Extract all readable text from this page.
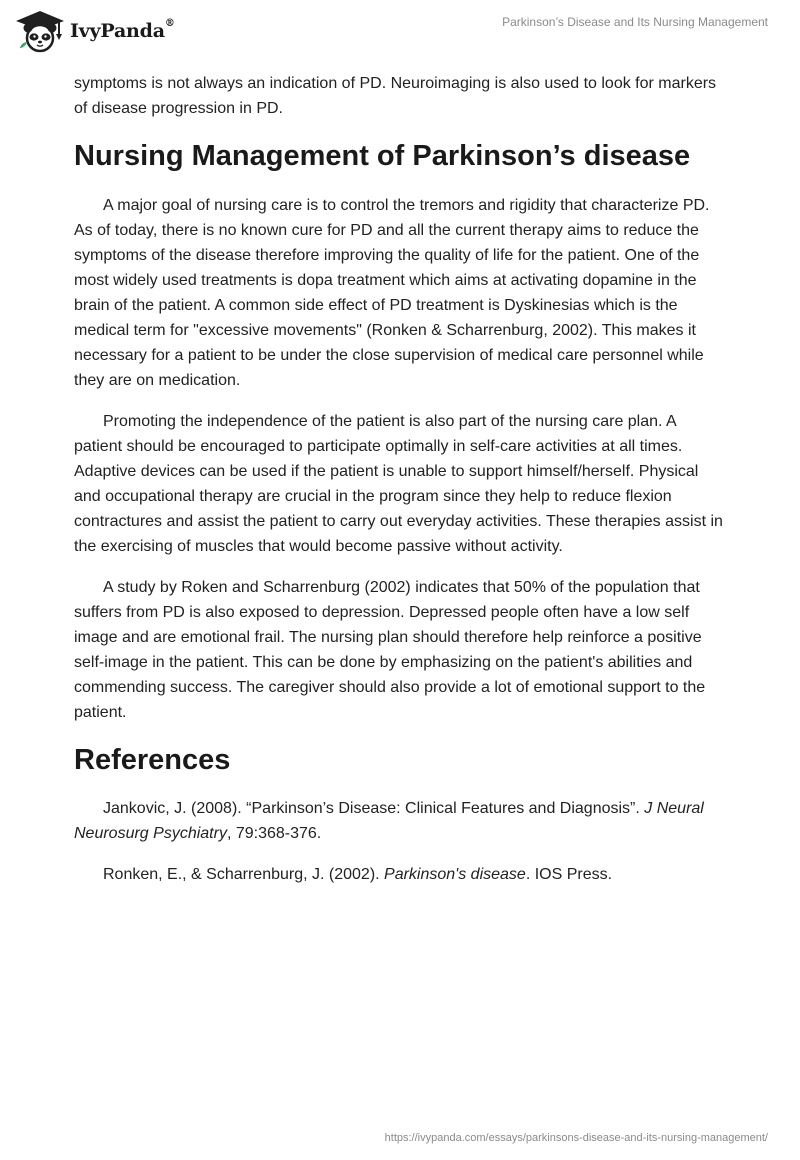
IvyPanda®	Parkinson’s Disease and Its Nursing Management

symptoms is not always an indication of PD. Neuroimaging is also used to look for markers of disease progression in PD.

Nursing Management of Parkinson’s disease

A major goal of nursing care is to control the tremors and rigidity that characterize PD. As of today, there is no known cure for PD and all the current therapy aims to reduce the symptoms of the disease therefore improving the quality of life for the patient. One of the most widely used treatments is dopa treatment which aims at activating dopamine in the brain of the patient. A common side effect of PD treatment is Dyskinesias which is the medical term for "excessive movements" (Ronken & Scharrenburg, 2002). This makes it necessary for a patient to be under the close supervision of medical care personnel while they are on medication.

Promoting the independence of the patient is also part of the nursing care plan. A patient should be encouraged to participate optimally in self-care activities at all times. Adaptive devices can be used if the patient is unable to support himself/herself. Physical and occupational therapy are crucial in the program since they help to reduce flexion contractures and assist the patient to carry out everyday activities. These therapies assist in the exercising of muscles that would become passive without activity.

A study by Roken and Scharrenburg (2002) indicates that 50% of the population that suffers from PD is also exposed to depression. Depressed people often have a low self image and are emotional frail. The nursing plan should therefore help reinforce a positive self-image in the patient. This can be done by emphasizing on the patient's abilities and commending success. The caregiver should also provide a lot of emotional support to the patient.

References

Jankovic, J. (2008). “Parkinson’s Disease: Clinical Features and Diagnosis”. J Neural Neurosurg Psychiatry, 79:368-376.

Ronken, E., & Scharrenburg, J. (2002). Parkinson's disease. IOS Press.

https://ivypanda.com/essays/parkinsons-disease-and-its-nursing-management/
